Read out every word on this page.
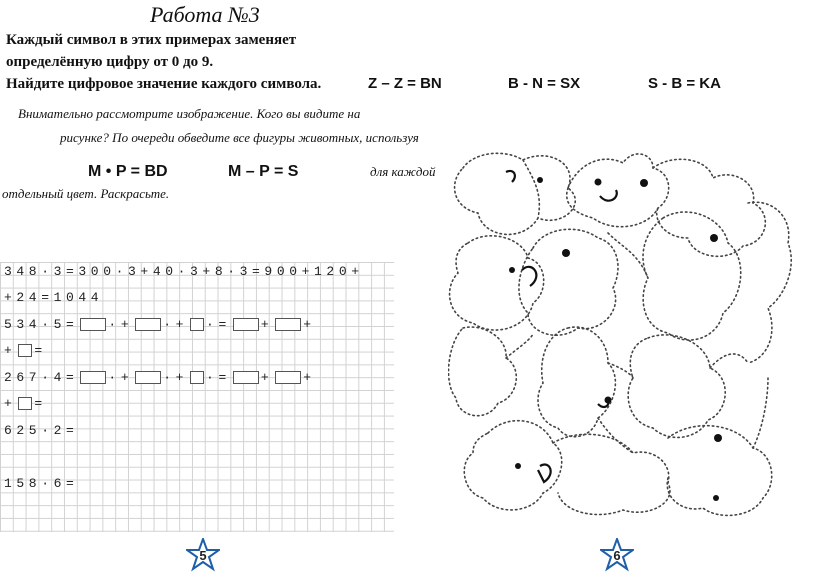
Работа №3
Каждый символ в этих примерах заменяет
определённую цифру от 0 до 9.
Найдите цифровое значение каждого символа.	Z – Z = BN	B - N = SX	S - B = KA
Внимательно рассмотрите изображение. Кого вы видите на
рисунке? По очереди обведите все фигуры животных, используя
M • P = BD	M – P = S	для каждой
отдельный цвет. Раскрасьте.
348·3=300·3+40·3+8·3=900+120+
+24=1044
534·5= ·+ ·+ ·= + +
+ =
267·4= ·+ ·+ ·= + +
+ =
625·2=
158·6=
5	6
